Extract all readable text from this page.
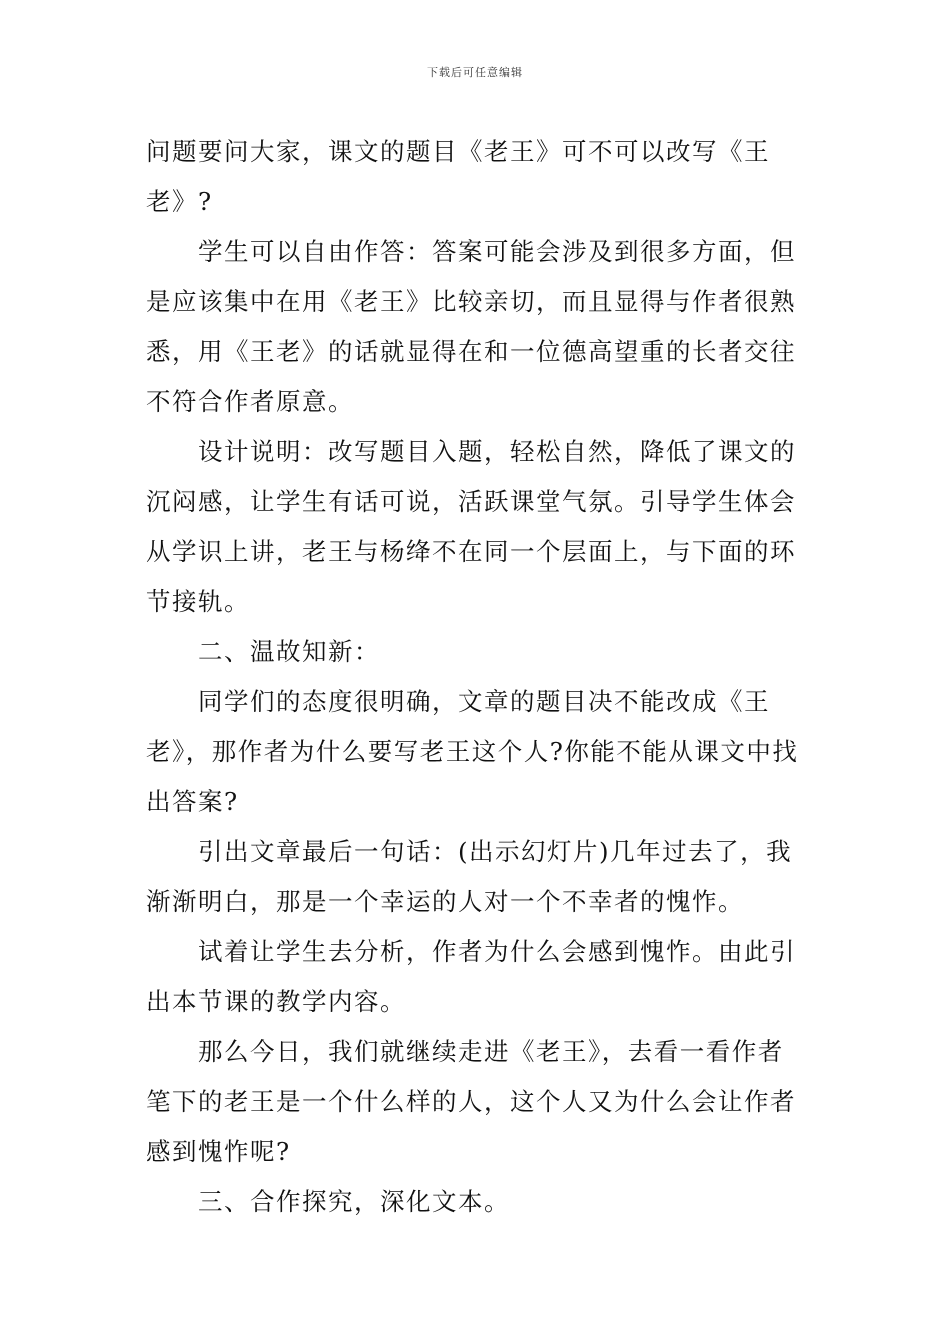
下载后可任意编辑

问题要问大家，课文的题目《老王》可不可以改写《王老》?

学生可以自由作答：答案可能会涉及到很多方面，但是应该集中在用《老王》比较亲切，而且显得与作者很熟悉，用《王老》的话就显得在和一位德高望重的长者交往不符合作者原意。

设计说明：改写题目入题，轻松自然，降低了课文的沉闷感，让学生有话可说，活跃课堂气氛。引导学生体会从学识上讲，老王与杨绛不在同一个层面上，与下面的环节接轨。

二、温故知新：

同学们的态度很明确，文章的题目决不能改成《王老》，那作者为什么要写老王这个人?你能不能从课文中找出答案?

引出文章最后一句话：(出示幻灯片)几年过去了，我渐渐明白，那是一个幸运的人对一个不幸者的愧怍。

试着让学生去分析，作者为什么会感到愧怍。由此引出本节课的教学内容。

那么今日，我们就继续走进《老王》，去看一看作者笔下的老王是一个什么样的人，这个人又为什么会让作者感到愧怍呢?

三、合作探究，深化文本。
